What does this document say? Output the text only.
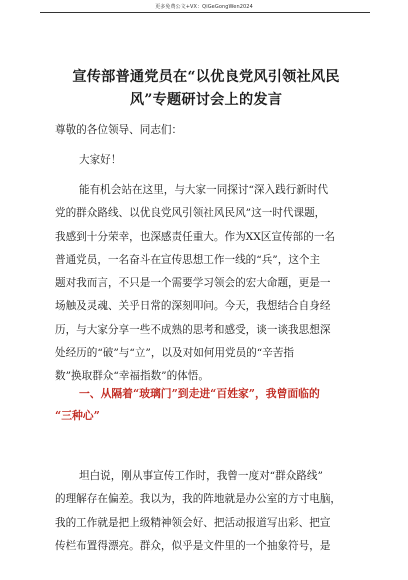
更多免费公文+VX：QiGeGongWen2024
宣传部普通党员在“以优良党风引领社风民
风”专题研讨会上的发言

尊敬的各位领导、同志们：

大家好！

能有机会站在这里，与大家一同探讨“深入践行新时代
党的群众路线、以优良党风引领社风民风”这一时代课题，
我感到十分荣幸，也深感责任重大。作为XX区宣传部的一名
普通党员，一名奋斗在宣传思想工作一线的“兵”，这个主
题对我而言，不只是一个需要学习领会的宏大命题，更是一
场触及灵魂、关乎日常的深刻叩问。今天，我想结合自身经
历，与大家分享一些不成熟的思考和感受，谈一谈我思想深
处经历的“破”与“立”，以及对如何用党员的“辛苦指
数”换取群众“幸福指数”的体悟。
一、从隔着“玻璃门”到走进“百姓家”，我曾面临的
“三种心”
坦白说，刚从事宣传工作时，我曾一度对“群众路线”
的理解存在偏差。我以为，我的阵地就是办公室的方寸电脑，
我的工作就是把上级精神领会好、把活动报道写出彩、把宣
传栏布置得漂亮。群众，似乎是文件里的一个抽象符号，是
